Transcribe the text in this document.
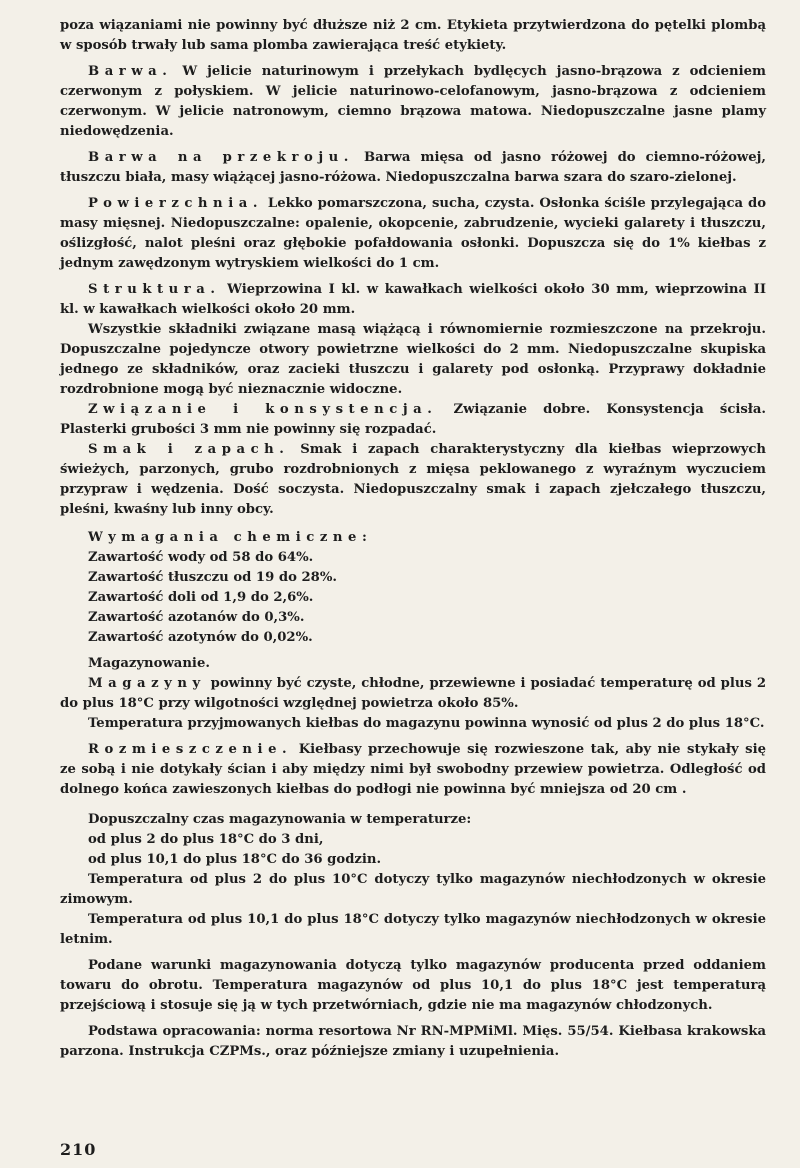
poza wiązaniami nie powinny być dłuższe niż 2 cm. Etykieta przytwierdzona do pętelki plombą w sposób trwały lub sama plomba zawierająca treść etykiety.

Barwa. W jelicie naturinowym i przełykach bydlęcych jasno-brązowa z odcieniem czerwonym z połyskiem. W jelicie naturinowo-celofanowym, jasno-brązowa z odcieniem czerwonym. W jelicie natronowym, ciemno brązowa matowa. Niedopuszczalne jasne plamy niedowędzenia.

Barwa na przekroju. Barwa mięsa od jasno różowej do ciemno-różowej, tłuszczu biała, masy wiążącej jasno-różowa. Niedopuszczalna barwa szara do szaro-zielonej.

Powierzchnia. Lekko pomarszczona, sucha, czysta. Osłonka ściśle przylegająca do masy mięsnej. Niedopuszczalne: opalenie, okopcenie, zabrudzenie, wycieki galarety i tłuszczu, oślizgłość, nalot pleśni oraz głębokie pofałdowania osłonki. Dopuszcza się do 1% kiełbas z jednym zawędzonym wytryskiem wielkości do 1 cm.

Struktura. Wieprzowina I kl. w kawałkach wielkości około 30 mm, wieprzowina II kl. w kawałkach wielkości około 20 mm.

Wszystkie składniki związane masą wiążącą i równomiernie rozmieszczone na przekroju. Dopuszczalne pojedyncze otwory powietrzne wielkości do 2 mm. Niedopuszczalne skupiska jednego ze składników, oraz zacieki tłuszczu i galarety pod osłonką. Przyprawy dokładnie rozdrobnione mogą być nieznacznie widoczne.

Związanie i konsystencja. Związanie dobre. Konsystencja ścisła. Plasterki grubości 3 mm nie powinny się rozpadać.

Smak i zapach. Smak i zapach charakterystyczny dla kiełbas wieprzowych świeżych, parzonych, grubo rozdrobnionych z mięsa peklowanego z wyraźnym wyczuciem przypraw i wędzenia. Dość soczysta. Niedopuszczalny smak i zapach zjełczałego tłuszczu, pleśni, kwaśny lub inny obcy.

Wymagania chemiczne:

Zawartość wody od 58 do 64%.

Zawartość tłuszczu od 19 do 28%.

Zawartość doli od 1,9 do 2,6%.

Zawartość azotanów do 0,3%.

Zawartość azotynów do 0,02%.

Magazynowanie.

Magazyny powinny być czyste, chłodne, przewiewne i posiadać temperaturę od plus 2 do plus 18°C przy wilgotności względnej powietrza około 85%.

Temperatura przyjmowanych kiełbas do magazynu powinna wynosić od plus 2 do plus 18°C.

Rozmieszczenie. Kiełbasy przechowuje się rozwieszone tak, aby nie stykały się ze sobą i nie dotykały ścian i aby między nimi był swobodny przewiew powietrza. Odległość od dolnego końca zawieszonych kiełbas do podłogi nie powinna być mniejsza od 20 cm .

Dopuszczalny czas magazynowania w temperaturze:

od plus 2 do plus 18°C do 3 dni,

od plus 10,1 do plus 18°C do 36 godzin.

Temperatura od plus 2 do plus 10°C dotyczy tylko magazynów niechłodzonych w okresie zimowym.

Temperatura od plus 10,1 do plus 18°C dotyczy tylko magazynów niechłodzonych w okresie letnim.

Podane warunki magazynowania dotyczą tylko magazynów producenta przed oddaniem towaru do obrotu. Temperatura magazynów od plus 10,1 do plus 18°C jest temperaturą przejściową i stosuje się ją w tych przetwórniach, gdzie nie ma magazynów chłodzonych.

Podstawa opracowania: norma resortowa Nr RN-MPMiMl. Mięs. 55/54. Kiełbasa krakowska parzona. Instrukcja CZPMs., oraz późniejsze zmiany i uzupełnienia.

210
